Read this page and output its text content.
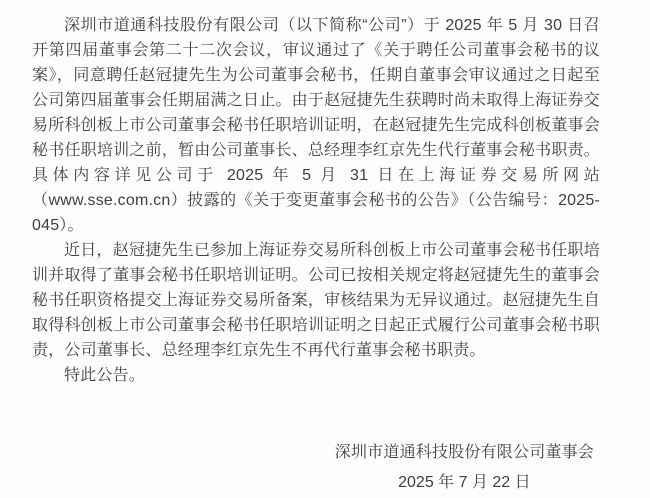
深圳市道通科技股份有限公司（以下简称“公司”）于 2025 年 5 月 30 日召开第四届董事会第二十二次会议，审议通过了《关于聘任公司董事会秘书的议案》，同意聘任赵冠捷先生为公司董事会秘书，任期自董事会审议通过之日起至公司第四届董事会任期届满之日止。由于赵冠捷先生获聘时尚未取得上海证券交易所科创板上市公司董事会秘书任职培训证明，在赵冠捷先生完成科创板董事会秘书任职培训之前，暂由公司董事长、总经理李红京先生代行董事会秘书职责。具体内容详见公司于 2025 年 5 月 31 日在上海证券交易所网站（www.sse.com.cn）披露的《关于变更董事会秘书的公告》（公告编号：2025-045）。

近日，赵冠捷先生已参加上海证券交易所科创板上市公司董事会秘书任职培训并取得了董事会秘书任职培训证明。公司已按相关规定将赵冠捷先生的董事会秘书任职资格提交上海证券交易所备案，审核结果为无异议通过。赵冠捷先生自取得科创板上市公司董事会秘书任职培训证明之日起正式履行公司董事会秘书职责，公司董事长、总经理李红京先生不再代行董事会秘书职责。

特此公告。

深圳市道通科技股份有限公司董事会
2025 年 7 月 22 日
